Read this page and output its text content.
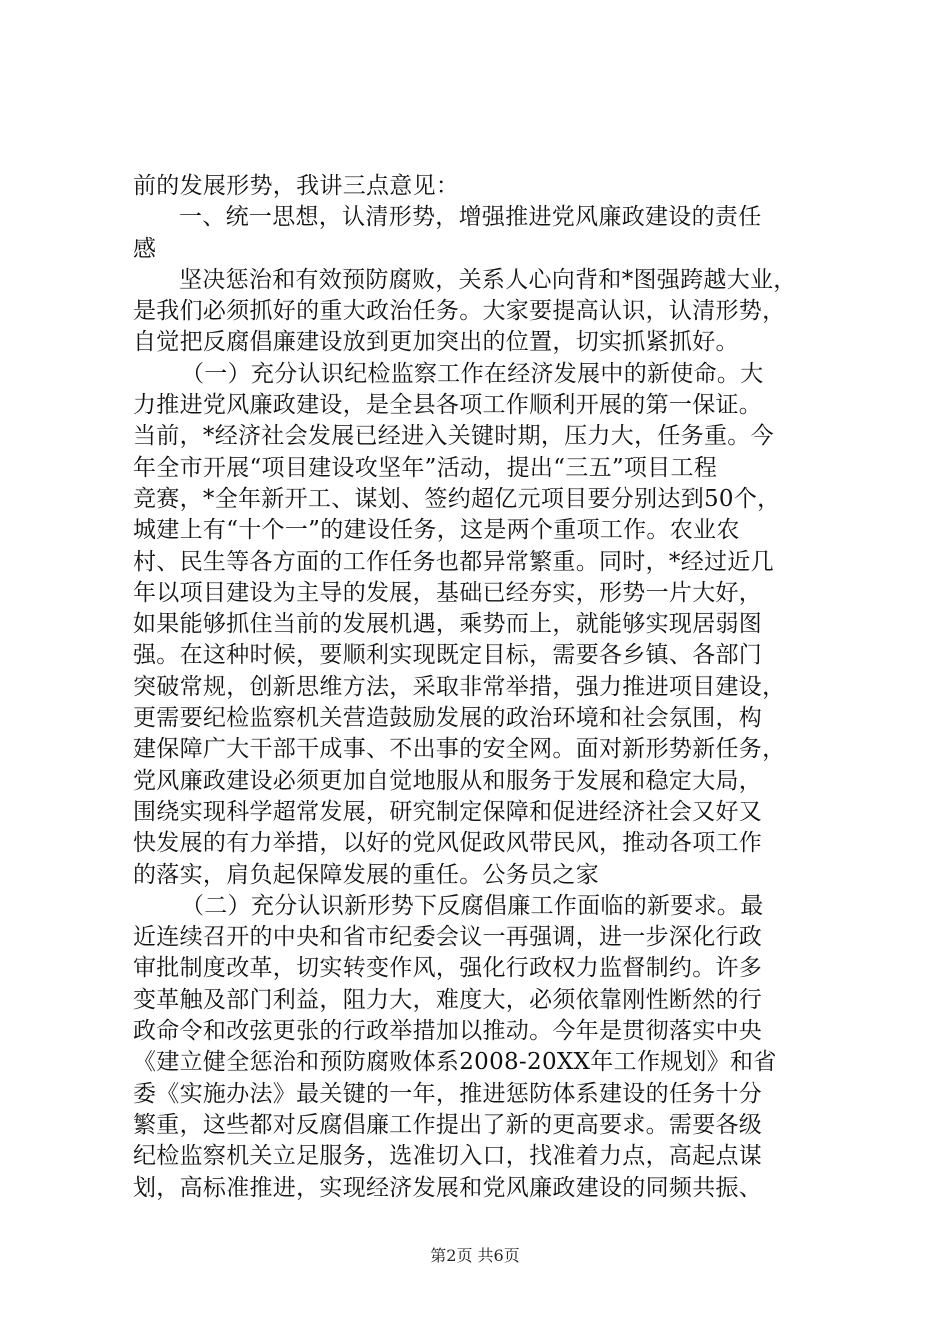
前的发展形势，我讲三点意见：
一、统一思想，认清形势，增强推进党风廉政建设的责任
感
坚决惩治和有效预防腐败，关系人心向背和*图强跨越大业，
是我们必须抓好的重大政治任务。大家要提高认识，认清形势，
自觉把反腐倡廉建设放到更加突出的位置，切实抓紧抓好。
（一）充分认识纪检监察工作在经济发展中的新使命。大
力推进党风廉政建设，是全县各项工作顺利开展的第一保证。
当前，*经济社会发展已经进入关键时期，压力大，任务重。今
年全市开展“项目建设攻坚年”活动，提出“三五”项目工程
竞赛，*全年新开工、谋划、签约超亿元项目要分别达到50个，
城建上有“十个一”的建设任务，这是两个重项工作。农业农
村、民生等各方面的工作任务也都异常繁重。同时，*经过近几
年以项目建设为主导的发展，基础已经夯实，形势一片大好，
如果能够抓住当前的发展机遇，乘势而上，就能够实现居弱图
强。在这种时候，要顺利实现既定目标，需要各乡镇、各部门
突破常规，创新思维方法，采取非常举措，强力推进项目建设，
更需要纪检监察机关营造鼓励发展的政治环境和社会氛围，构
建保障广大干部干成事、不出事的安全网。面对新形势新任务，
党风廉政建设必须更加自觉地服从和服务于发展和稳定大局，
围绕实现科学超常发展，研究制定保障和促进经济社会又好又
快发展的有力举措，以好的党风促政风带民风，推动各项工作
的落实，肩负起保障发展的重任。公务员之家
（二）充分认识新形势下反腐倡廉工作面临的新要求。最
近连续召开的中央和省市纪委会议一再强调，进一步深化行政
审批制度改革，切实转变作风，强化行政权力监督制约。许多
变革触及部门利益，阻力大，难度大，必须依靠刚性断然的行
政命令和改弦更张的行政举措加以推动。今年是贯彻落实中央
《建立健全惩治和预防腐败体系2008-20XX年工作规划》和省
委《实施办法》最关键的一年，推进惩防体系建设的任务十分
繁重，这些都对反腐倡廉工作提出了新的更高要求。需要各级
纪检监察机关立足服务，选准切入口，找准着力点，高起点谋
划，高标准推进，实现经济发展和党风廉政建设的同频共振、
第2页 共6页
